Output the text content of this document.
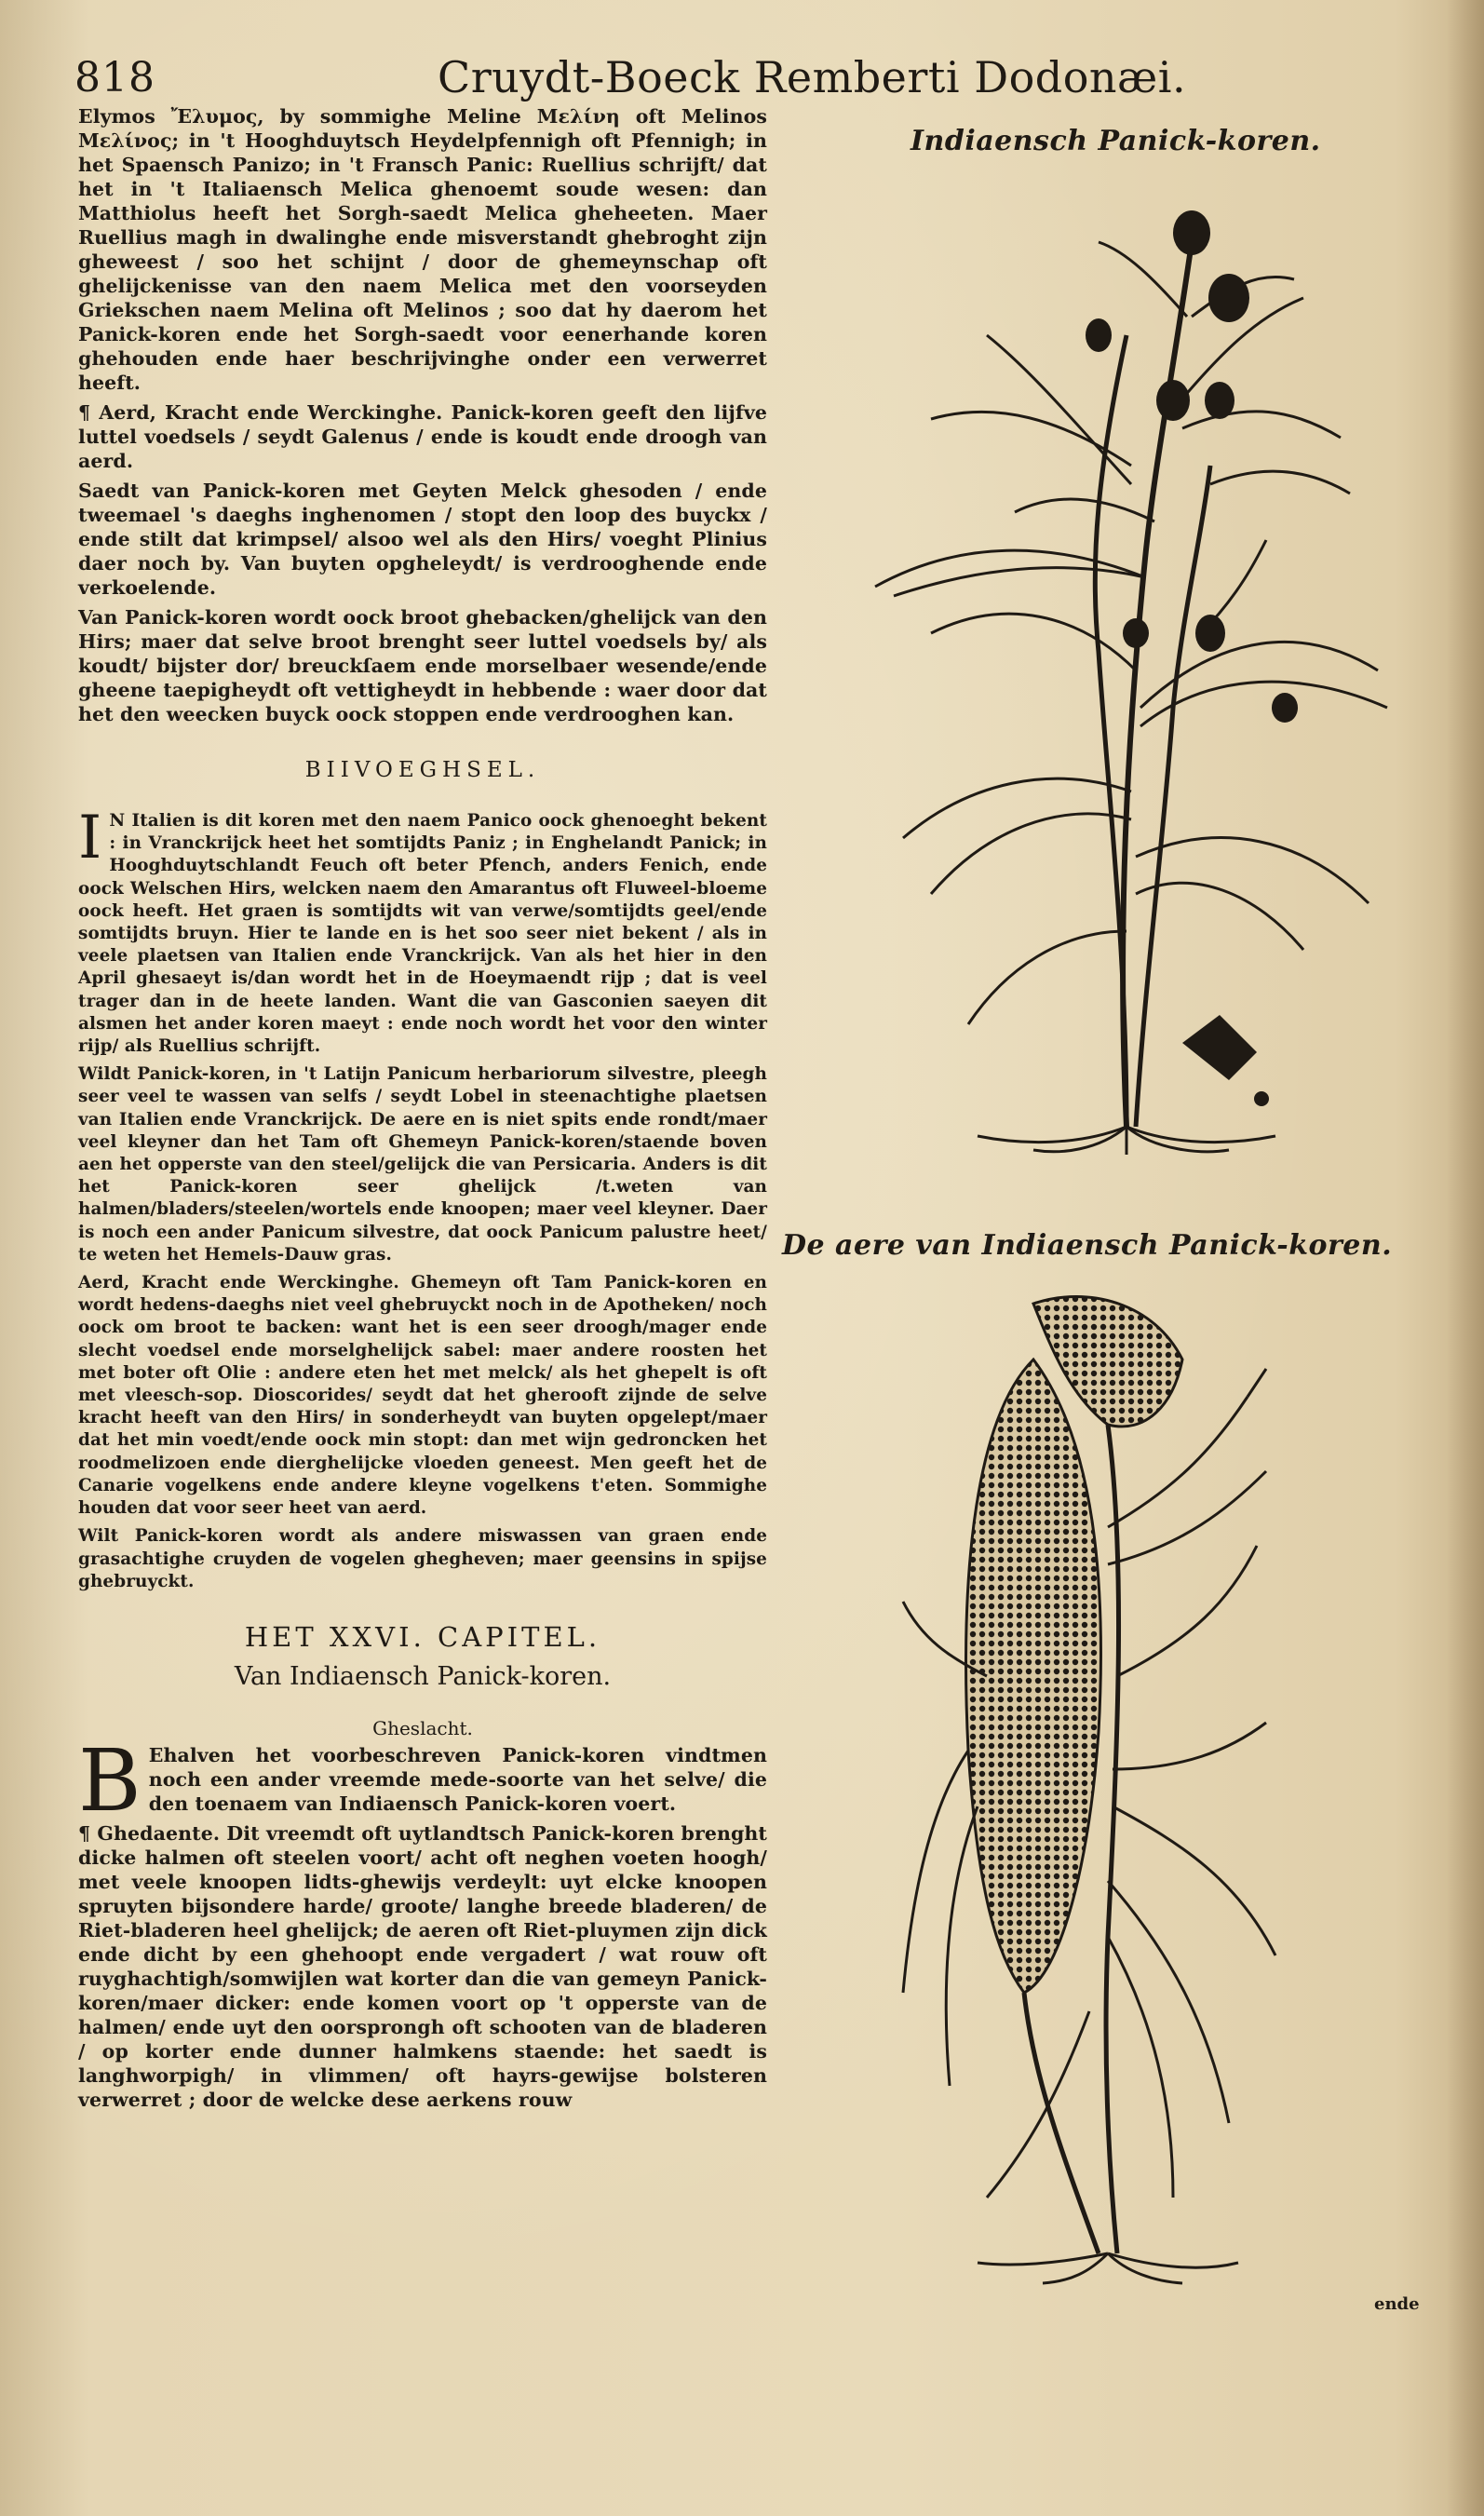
818	Cruydt-Boeck Remberti Dodonæi.

Elymos Ἔλυμος, by sommighe Meline Μελίνη oft Melinos Μελίνος; in 't Hooghduytsch Heydelpfennigh oft Pfennigh; in het Spaensch Panizo; in 't Fransch Panic: Ruellius schrijft/ dat het in 't Italiaensch Melica ghenoemt soude wesen: dan Matthiolus heeft het Sorgh-saedt Melica gheheeten. Maer Ruellius magh in dwalinghe ende misverstandt ghebroght zijn gheweest / soo het schijnt / door de ghemeynschap oft ghelijckenisse van den naem Melica met den voorseyden Griekschen naem Melina oft Melinos ; soo dat hy daerom het Panick-koren ende het Sorgh-saedt voor eenerhande koren ghehouden ende haer beschrijvinghe onder een verwerret heeft.

¶ Aerd, Kracht ende Werckinghe. Panick-koren geeft den lijfve luttel voedsels / seydt Galenus / ende is koudt ende droogh van aerd.

Saedt van Panick-koren met Geyten Melck ghesoden / ende tweemael 's daeghs inghenomen / stopt den loop des buyckx / ende stilt dat krimpsel/ alsoo wel als den Hirs/ voeght Plinius daer noch by. Van buyten opgheleydt/ is verdrooghende ende verkoelende.

Van Panick-koren wordt oock broot ghebacken/ghelijck van den Hirs; maer dat selve broot brenght seer luttel voedsels by/ als koudt/ bijster dor/ breuckſaem ende morselbaer wesende/ende gheene taepigheydt oft vettigheydt in hebbende : waer door dat het den weecken buyck oock stoppen ende verdrooghen kan.

BIIVOEGHSEL.

I N Italien is dit koren met den naem Panico oock ghenoeght bekent : in Vranckrijck heet het somtijdts Paniz ; in Enghelandt Panick; in Hooghduytschlandt Feuch oft beter Pfench, anders Fenich, ende oock Welschen Hirs, welcken naem den Amarantus oft Fluweel-bloeme oock heeft. Het graen is somtijdts wit van verwe/somtijdts geel/ende somtijdts bruyn. Hier te lande en is het soo seer niet bekent / als in veele plaetsen van Italien ende Vranckrijck. Van als het hier in den April ghesaeyt is/dan wordt het in de Hoeymaendt rijp ; dat is veel trager dan in de heete landen. Want die van Gasconien saeyen dit alsmen het ander koren maeyt : ende noch wordt het voor den winter rijp/ als Ruellius schrijft.

Wildt Panick-koren, in 't Latijn Panicum herbariorum silvestre, pleegh seer veel te wassen van selfs / seydt Lobel in steenachtighe plaetsen van Italien ende Vranckrijck. De aere en is niet spits ende rondt/maer veel kleyner dan het Tam oft Ghemeyn Panick-koren/staende boven aen het opperste van den steel/gelijck die van Persicaria. Anders is dit het Panick-koren seer ghelijck /t.weten van halmen/bladers/steelen/wortels ende knoopen; maer veel kleyner. Daer is noch een ander Panicum silvestre, dat oock Panicum palustre heet/ te weten het Hemels-Dauw gras.

Aerd, Kracht ende Werckinghe. Ghemeyn oft Tam Panick-koren en wordt hedens-daeghs niet veel ghebruyckt noch in de Apotheken/ noch oock om broot te backen: want het is een seer droogh/mager ende slecht voedsel ende morselghelijck sabel: maer andere roosten het met boter oft Olie : andere eten het met melck/ als het ghepelt is oft met vleesch-sop. Dioscorides/ seydt dat het gherooft zijnde de selve kracht heeft van den Hirs/ in sonderheydt van buyten opgelept/maer dat het min voedt/ende oock min stopt: dan met wijn gedroncken het roodmelizoen ende dierghelijcke vloeden geneest. Men geeft het de Canarie vogelkens ende andere kleyne vogelkens t'eten. Sommighe houden dat voor seer heet van aerd.

Wilt Panick-koren wordt als andere miswassen van graen ende grasachtighe cruyden de vogelen ghegheven; maer geensins in spijse ghebruyckt.

HET XXVI. CAPITEL.
Van Indiaensch Panick-koren.
Gheslacht.

B Ehalven het voorbeschreven Panick-koren vindtmen noch een ander vreemde mede-soorte van het selve/ die den toenaem van Indiaensch Panick-koren voert.

¶ Ghedaente. Dit vreemdt oft uytlandtsch Panick-koren brenght dicke halmen oft steelen voort/ acht oft neghen voeten hoogh/ met veele knoopen lidts-ghewijs verdeylt: uyt elcke knoopen spruyten bijsondere harde/ groote/ langhe breede bladeren/ de Riet-bladeren heel ghelijck; de aeren oft Riet-pluymen zijn dick ende dicht by een ghehoopt ende vergadert / wat rouw oft ruyghachtigh/somwijlen wat korter dan die van gemeyn Panick-koren/maer dicker: ende komen voort op 't opperste van de halmen/ ende uyt den oorsprongh oft schooten van de bladeren / op korter ende dunner halmkens staende: het saedt is langhworpigh/ in vlimmen/ oft hayrs-gewijse bolsteren verwerret ; door de welcke dese aerkens rouw

Indiaensch Panick-koren.
De aere van Indiaensch Panick-koren.
ende
